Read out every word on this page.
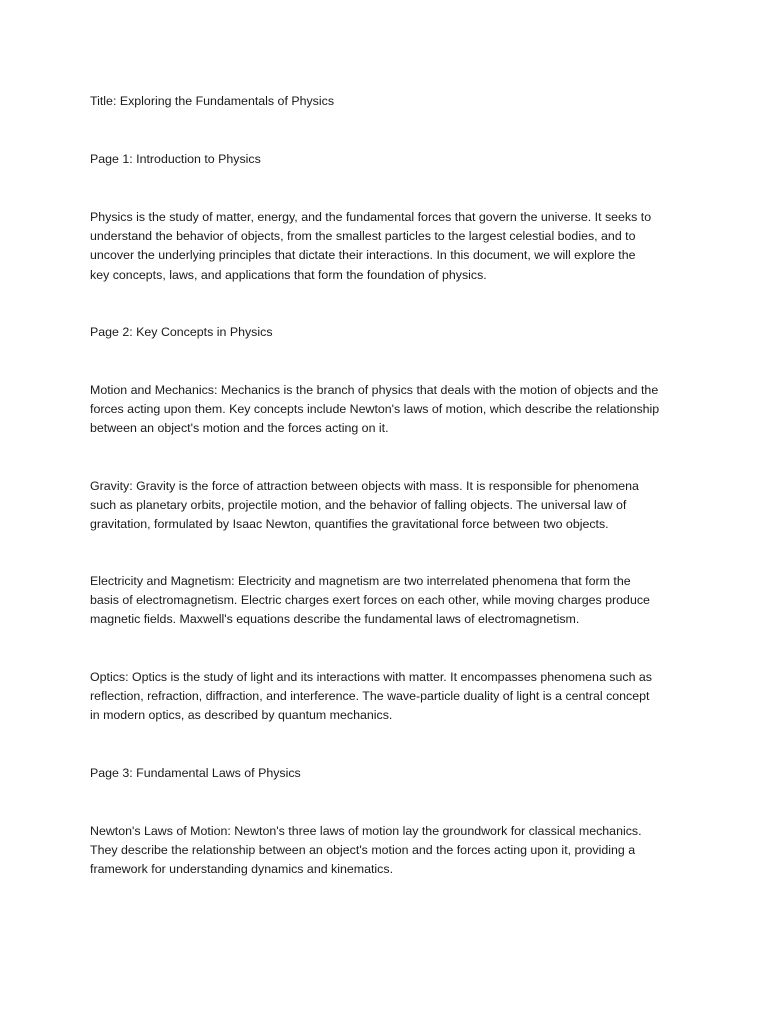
Title: Exploring the Fundamentals of Physics

Page 1: Introduction to Physics

Physics is the study of matter, energy, and the fundamental forces that govern the universe. It seeks to
understand the behavior of objects, from the smallest particles to the largest celestial bodies, and to
uncover the underlying principles that dictate their interactions. In this document, we will explore the
key concepts, laws, and applications that form the foundation of physics.

Page 2: Key Concepts in Physics

Motion and Mechanics: Mechanics is the branch of physics that deals with the motion of objects and the
forces acting upon them. Key concepts include Newton's laws of motion, which describe the relationship
between an object's motion and the forces acting on it.
Gravity: Gravity is the force of attraction between objects with mass. It is responsible for phenomena
such as planetary orbits, projectile motion, and the behavior of falling objects. The universal law of
gravitation, formulated by Isaac Newton, quantifies the gravitational force between two objects.
Electricity and Magnetism: Electricity and magnetism are two interrelated phenomena that form the
basis of electromagnetism. Electric charges exert forces on each other, while moving charges produce
magnetic fields. Maxwell's equations describe the fundamental laws of electromagnetism.
Optics: Optics is the study of light and its interactions with matter. It encompasses phenomena such as
reflection, refraction, diffraction, and interference. The wave-particle duality of light is a central concept
in modern optics, as described by quantum mechanics.

Page 3: Fundamental Laws of Physics

Newton's Laws of Motion: Newton's three laws of motion lay the groundwork for classical mechanics.
They describe the relationship between an object's motion and the forces acting upon it, providing a
framework for understanding dynamics and kinematics.
